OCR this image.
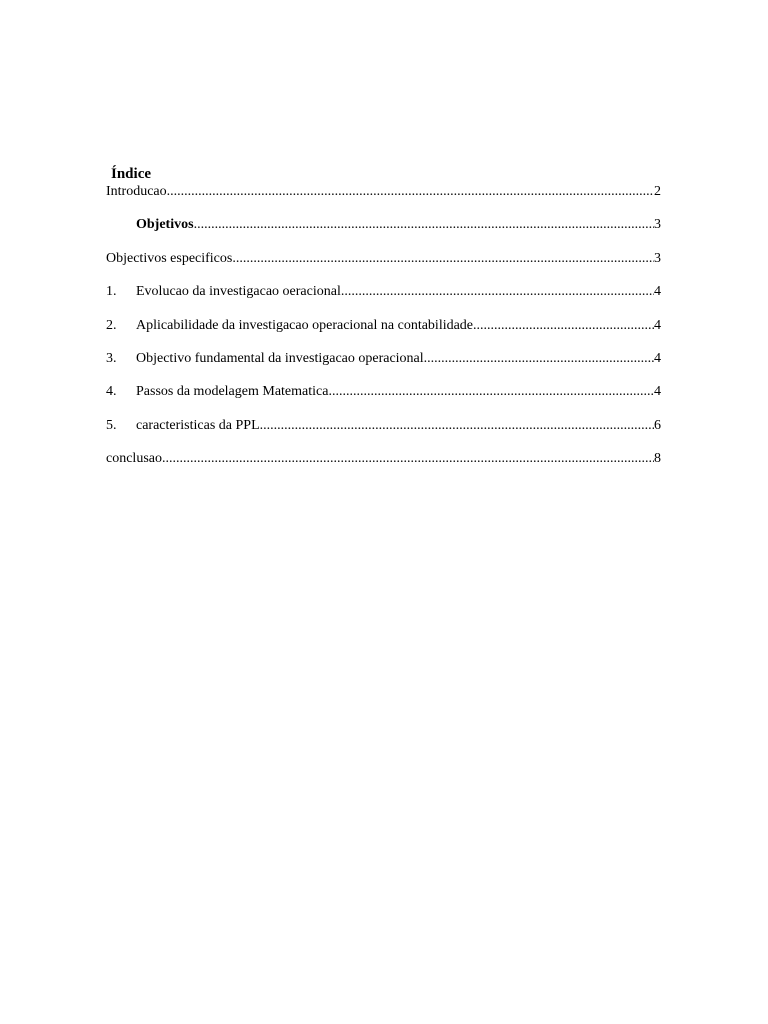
Índice
Introducao .....	2
Objetivos .....	3
Objectivos especificos .....	3
1.	Evolucao da investigacao oeracional .....	4
2.	Aplicabilidade da investigacao operacional na contabilidade .....	4
3.	Objectivo fundamental da investigacao operacional .....	4
4.	Passos da modelagem Matematica .....	4
5.	caracteristicas da PPL .....	6
conclusao .....	8
